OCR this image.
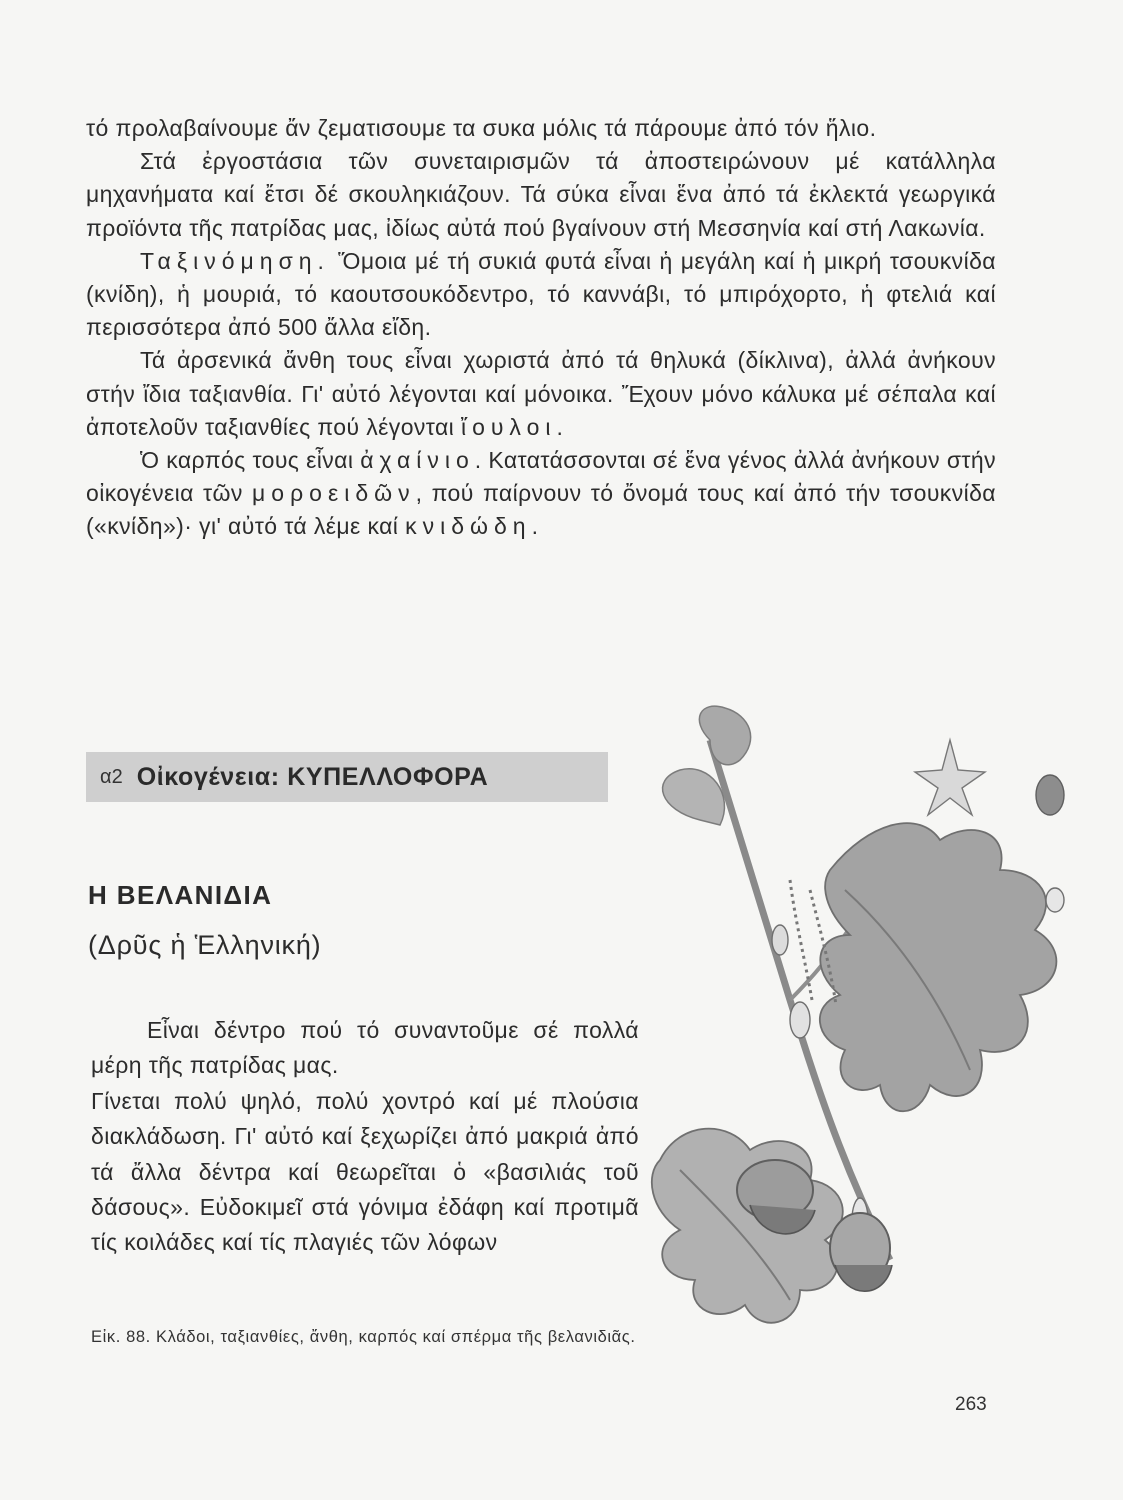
τό προλαβαίνουμε ἄν ζεματισουμε τα συκα μόλις τά πάρουμε ἀπό τόν ἥλιο.

Στά ἐργοστάσια τῶν συνεταιρισμῶν τά ἀποστειρώνουν μέ κατάλληλα μηχανήματα καί ἔτσι δέ σκουληκιάζουν. Τά σύκα εἶναι ἕνα ἀπό τά ἐκλεκτά γεωργικά προϊόντα τῆς πατρίδας μας, ἰδίως αὐτά πού βγαίνουν στή Μεσσηνία καί στή Λακωνία.

Ταξινόμηση. Ὅμοια μέ τή συκιά φυτά εἶναι ἡ μεγάλη καί ἡ μικρή τσουκνίδα (κνίδη), ἡ μουριά, τό καουτσουκόδεντρο, τό καννάβι, τό μπιρόχορτο, ἡ φτελιά καί περισσότερα ἀπό 500 ἄλλα εἴδη.

Τά ἀρσενικά ἄνθη τους εἶναι χωριστά ἀπό τά θηλυκά (δίκλινα), ἀλλά ἀνήκουν στήν ἴδια ταξιανθία. Γι' αὐτό λέγονται καί μόνοικα. Ἔχουν μόνο κάλυκα μέ σέπαλα καί ἀποτελοῦν ταξιανθίες πού λέγονται ἴουλοι.

Ὁ καρπός τους εἶναι ἀχαίνιο. Κατατάσσονται σέ ἕνα γένος ἀλλά ἀνήκουν στήν οἰκογένεια τῶν μοροειδῶν, πού παίρνουν τό ὄνομά τους καί ἀπό τήν τσουκνίδα («κνίδη»)· γι' αὐτό τά λέμε καί κνιδώδη.

α2 Οἰκογένεια: ΚΥΠΕΛΛΟΦΟΡΑ
Η ΒΕΛΑΝΙΔΙΑ
(Δρῦς ἡ Ἑλληνική)

Εἶναι δέντρο πού τό συναντοῦμε σέ πολλά μέρη τῆς πατρίδας μας.

Γίνεται πολύ ψηλό, πολύ χοντρό καί μέ πλούσια διακλάδωση. Γι' αὐτό καί ξεχωρίζει ἀπό μακριά ἀπό τά ἄλλα δέντρα καί θεωρεῖται ὁ «βασιλιάς τοῦ δάσους». Εὐδοκιμεῖ στά γόνιμα ἐδάφη καί προτιμᾶ τίς κοιλάδες καί τίς πλαγιές τῶν λόφων

Εἰκ. 88. Κλάδοι, ταξιανθίες, ἄνθη, καρπός καί σπέρμα τῆς βελανιδιᾶς.
263
